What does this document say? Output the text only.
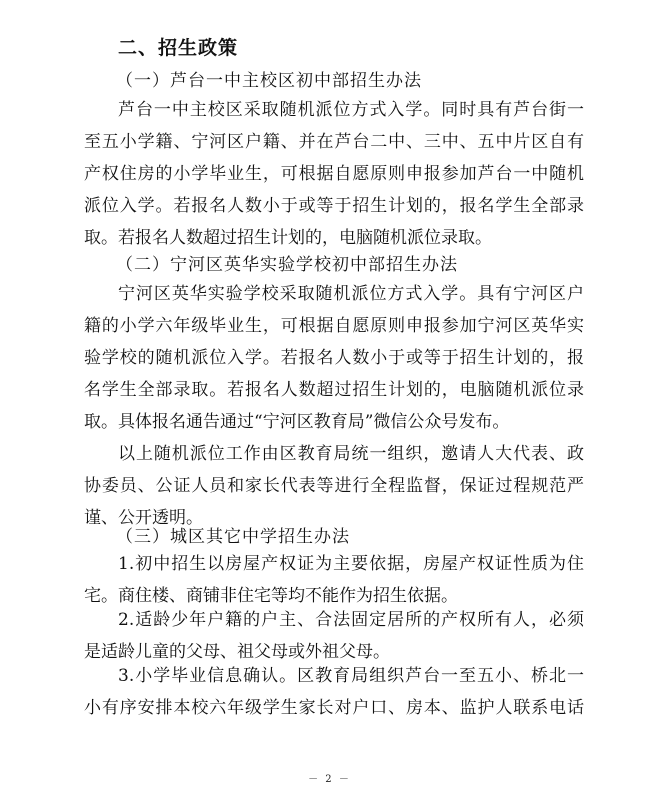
二、招生政策
（一）芦台一中主校区初中部招生办法
芦台一中主校区采取随机派位方式入学。同时具有芦台街一
至五小学籍、宁河区户籍、并在芦台二中、三中、五中片区自有
产权住房的小学毕业生，可根据自愿原则申报参加芦台一中随机
派位入学。若报名人数小于或等于招生计划的，报名学生全部录
取。若报名人数超过招生计划的，电脑随机派位录取。
（二）宁河区英华实验学校初中部招生办法
宁河区英华实验学校采取随机派位方式入学。具有宁河区户
籍的小学六年级毕业生，可根据自愿原则申报参加宁河区英华实
验学校的随机派位入学。若报名人数小于或等于招生计划的，报
名学生全部录取。若报名人数超过招生计划的，电脑随机派位录
取。具体报名通告通过“宁河区教育局”微信公众号发布。
以上随机派位工作由区教育局统一组织，邀请人大代表、政
协委员、公证人员和家长代表等进行全程监督，保证过程规范严
谨、公开透明。
（三）城区其它中学招生办法
1.初中招生以房屋产权证为主要依据，房屋产权证性质为住
宅。商住楼、商铺非住宅等均不能作为招生依据。
2.适龄少年户籍的户主、合法固定居所的产权所有人，必须
是适龄儿童的父母、祖父母或外祖父母。
3.小学毕业信息确认。区教育局组织芦台一至五小、桥北一
小有序安排本校六年级学生家长对户口、房本、监护人联系电话
－ 2 －
